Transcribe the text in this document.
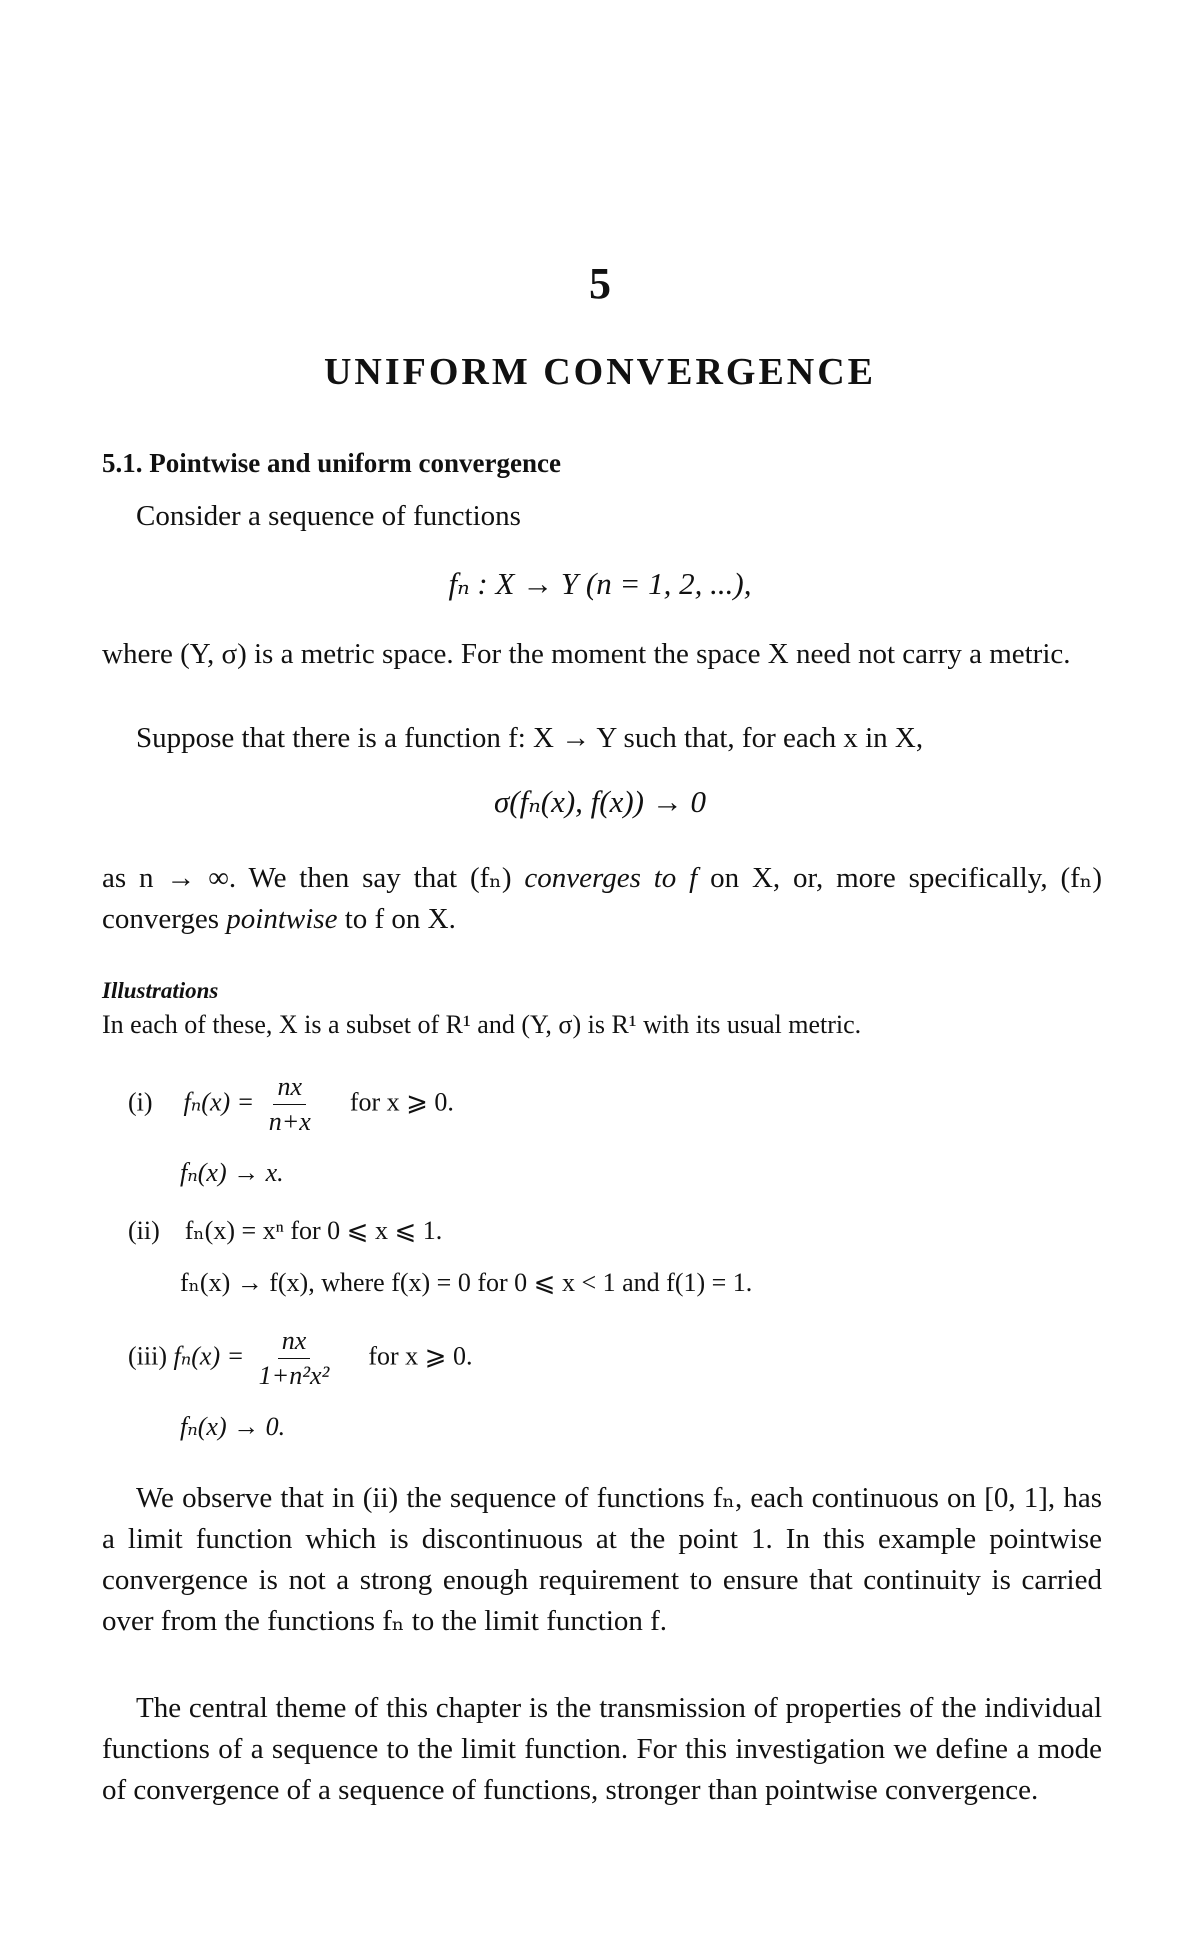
5
UNIFORM CONVERGENCE
5.1. Pointwise and uniform convergence
Consider a sequence of functions
fₙ : X → Y (n = 1, 2, ...),
where (Y, σ) is a metric space. For the moment the space X need not carry a metric.
Suppose that there is a function f: X → Y such that, for each x in X,
σ(fₙ(x), f(x)) → 0
as n → ∞. We then say that (fₙ) converges to f on X, or, more specifically, (fₙ) converges pointwise to f on X.
Illustrations
In each of these, X is a subset of R¹ and (Y, σ) is R¹ with its usual metric.
(i) $f_n(x) = \frac{nx}{n+x}$ for x ⩾ 0.
fₙ(x) → x.
(ii) fₙ(x) = xⁿ for 0 ⩽ x ⩽ 1.
fₙ(x) → f(x), where f(x) = 0 for 0 ⩽ x < 1 and f(1) = 1.
(iii) $f_n(x) = \frac{nx}{\text{1+n²x²}}$ for x ⩾ 0.
fₙ(x) → 0.
We observe that in (ii) the sequence of functions fₙ, each continuous on [0, 1], has a limit function which is discontinuous at the point 1. In this example pointwise convergence is not a strong enough requirement to ensure that continuity is carried over from the functions fₙ to the limit function f.
The central theme of this chapter is the transmission of properties of the individual functions of a sequence to the limit function. For this investigation we define a mode of convergence of a sequence of functions, stronger than pointwise convergence.
